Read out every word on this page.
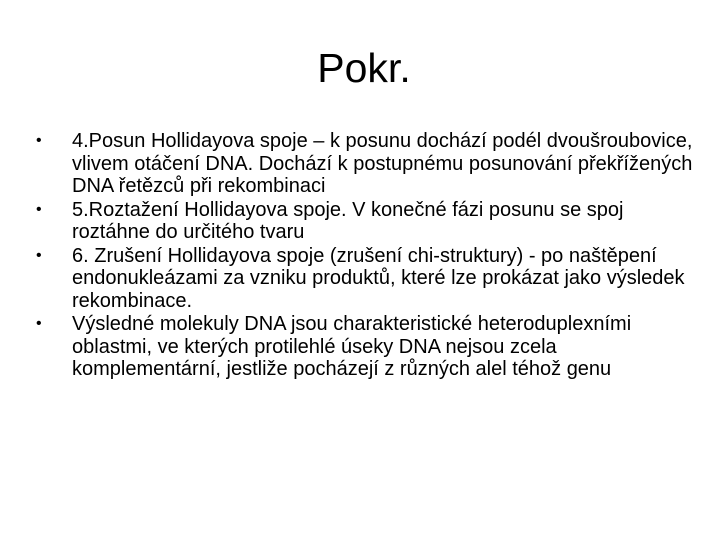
Pokr.
•	4.Posun Hollidayova spoje – k posunu dochází podél dvoušroubovice, vlivem otáčení DNA. Dochází k postupnému posunování překřížených DNA řetězců při rekombinaci
•	5.Roztažení Hollidayova spoje. V konečné fázi posunu se spoj roztáhne do určitého tvaru
•	6. Zrušení Hollidayova spoje (zrušení chi-struktury) - po naštěpení endonukleázami za vzniku produktů, které lze prokázat jako výsledek rekombinace.
•	Výsledné molekuly DNA jsou charakteristické heteroduplexními oblastmi, ve kterých protilehlé úseky DNA nejsou zcela komplementární, jestliže pocházejí z různých alel téhož genu
